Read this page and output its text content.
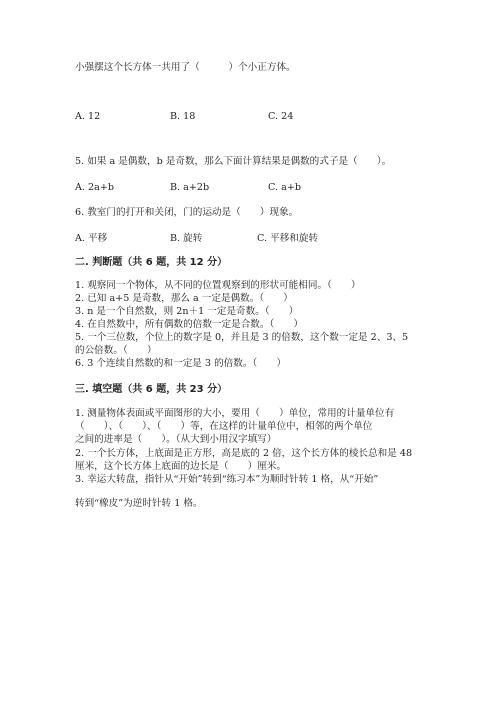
小强摆这个长方体一共用了（　　　）个小正方体。
A. 12	B. 18	C. 24
5. 如果 a 是偶数，b 是奇数，那么下面计算结果是偶数的式子是（　　）。
A. 2a+b	B. a+2b	C. a+b
6. 教室门的打开和关闭，门的运动是（　　）现象。
A. 平移	B. 旋转	C. 平移和旋转
二. 判断题（共 6 题，共 12 分）
1. 观察同一个物体，从不同的位置观察到的形状可能相同。（　　）
2. 已知 a+5 是奇数，那么 a 一定是偶数。（　　）
3. n 是一个自然数，则 2n＋1 一定是奇数。（　　）
4. 在自然数中，所有偶数的倍数一定是合数。（　　）
5. 一个三位数，个位上的数字是 0，并且是 3 的倍数，这个数一定是 2、3、5
的公倍数。（　　）
6. 3 个连续自然数的和一定是 3 的倍数。（　　）
三. 填空题（共 6 题，共 23 分）
1. 测量物体表面或平面图形的大小，要用（　　）单位，常用的计量单位有
（　　）、（　　）、（　　）等，在这样的计量单位中，相邻的两个单位
之间的进率是（　　）。（从大到小用汉字填写）
2. 一个长方体，上底面是正方形，高是底的 2 倍，这个长方体的棱长总和是 48
厘米，这个长方体上底面的边长是（　　）厘米。
3. 幸运大转盘，指针从“开始”转到“练习本”为顺时针转 1 格，从“开始”
转到“橡皮”为逆时针转 1 格。
